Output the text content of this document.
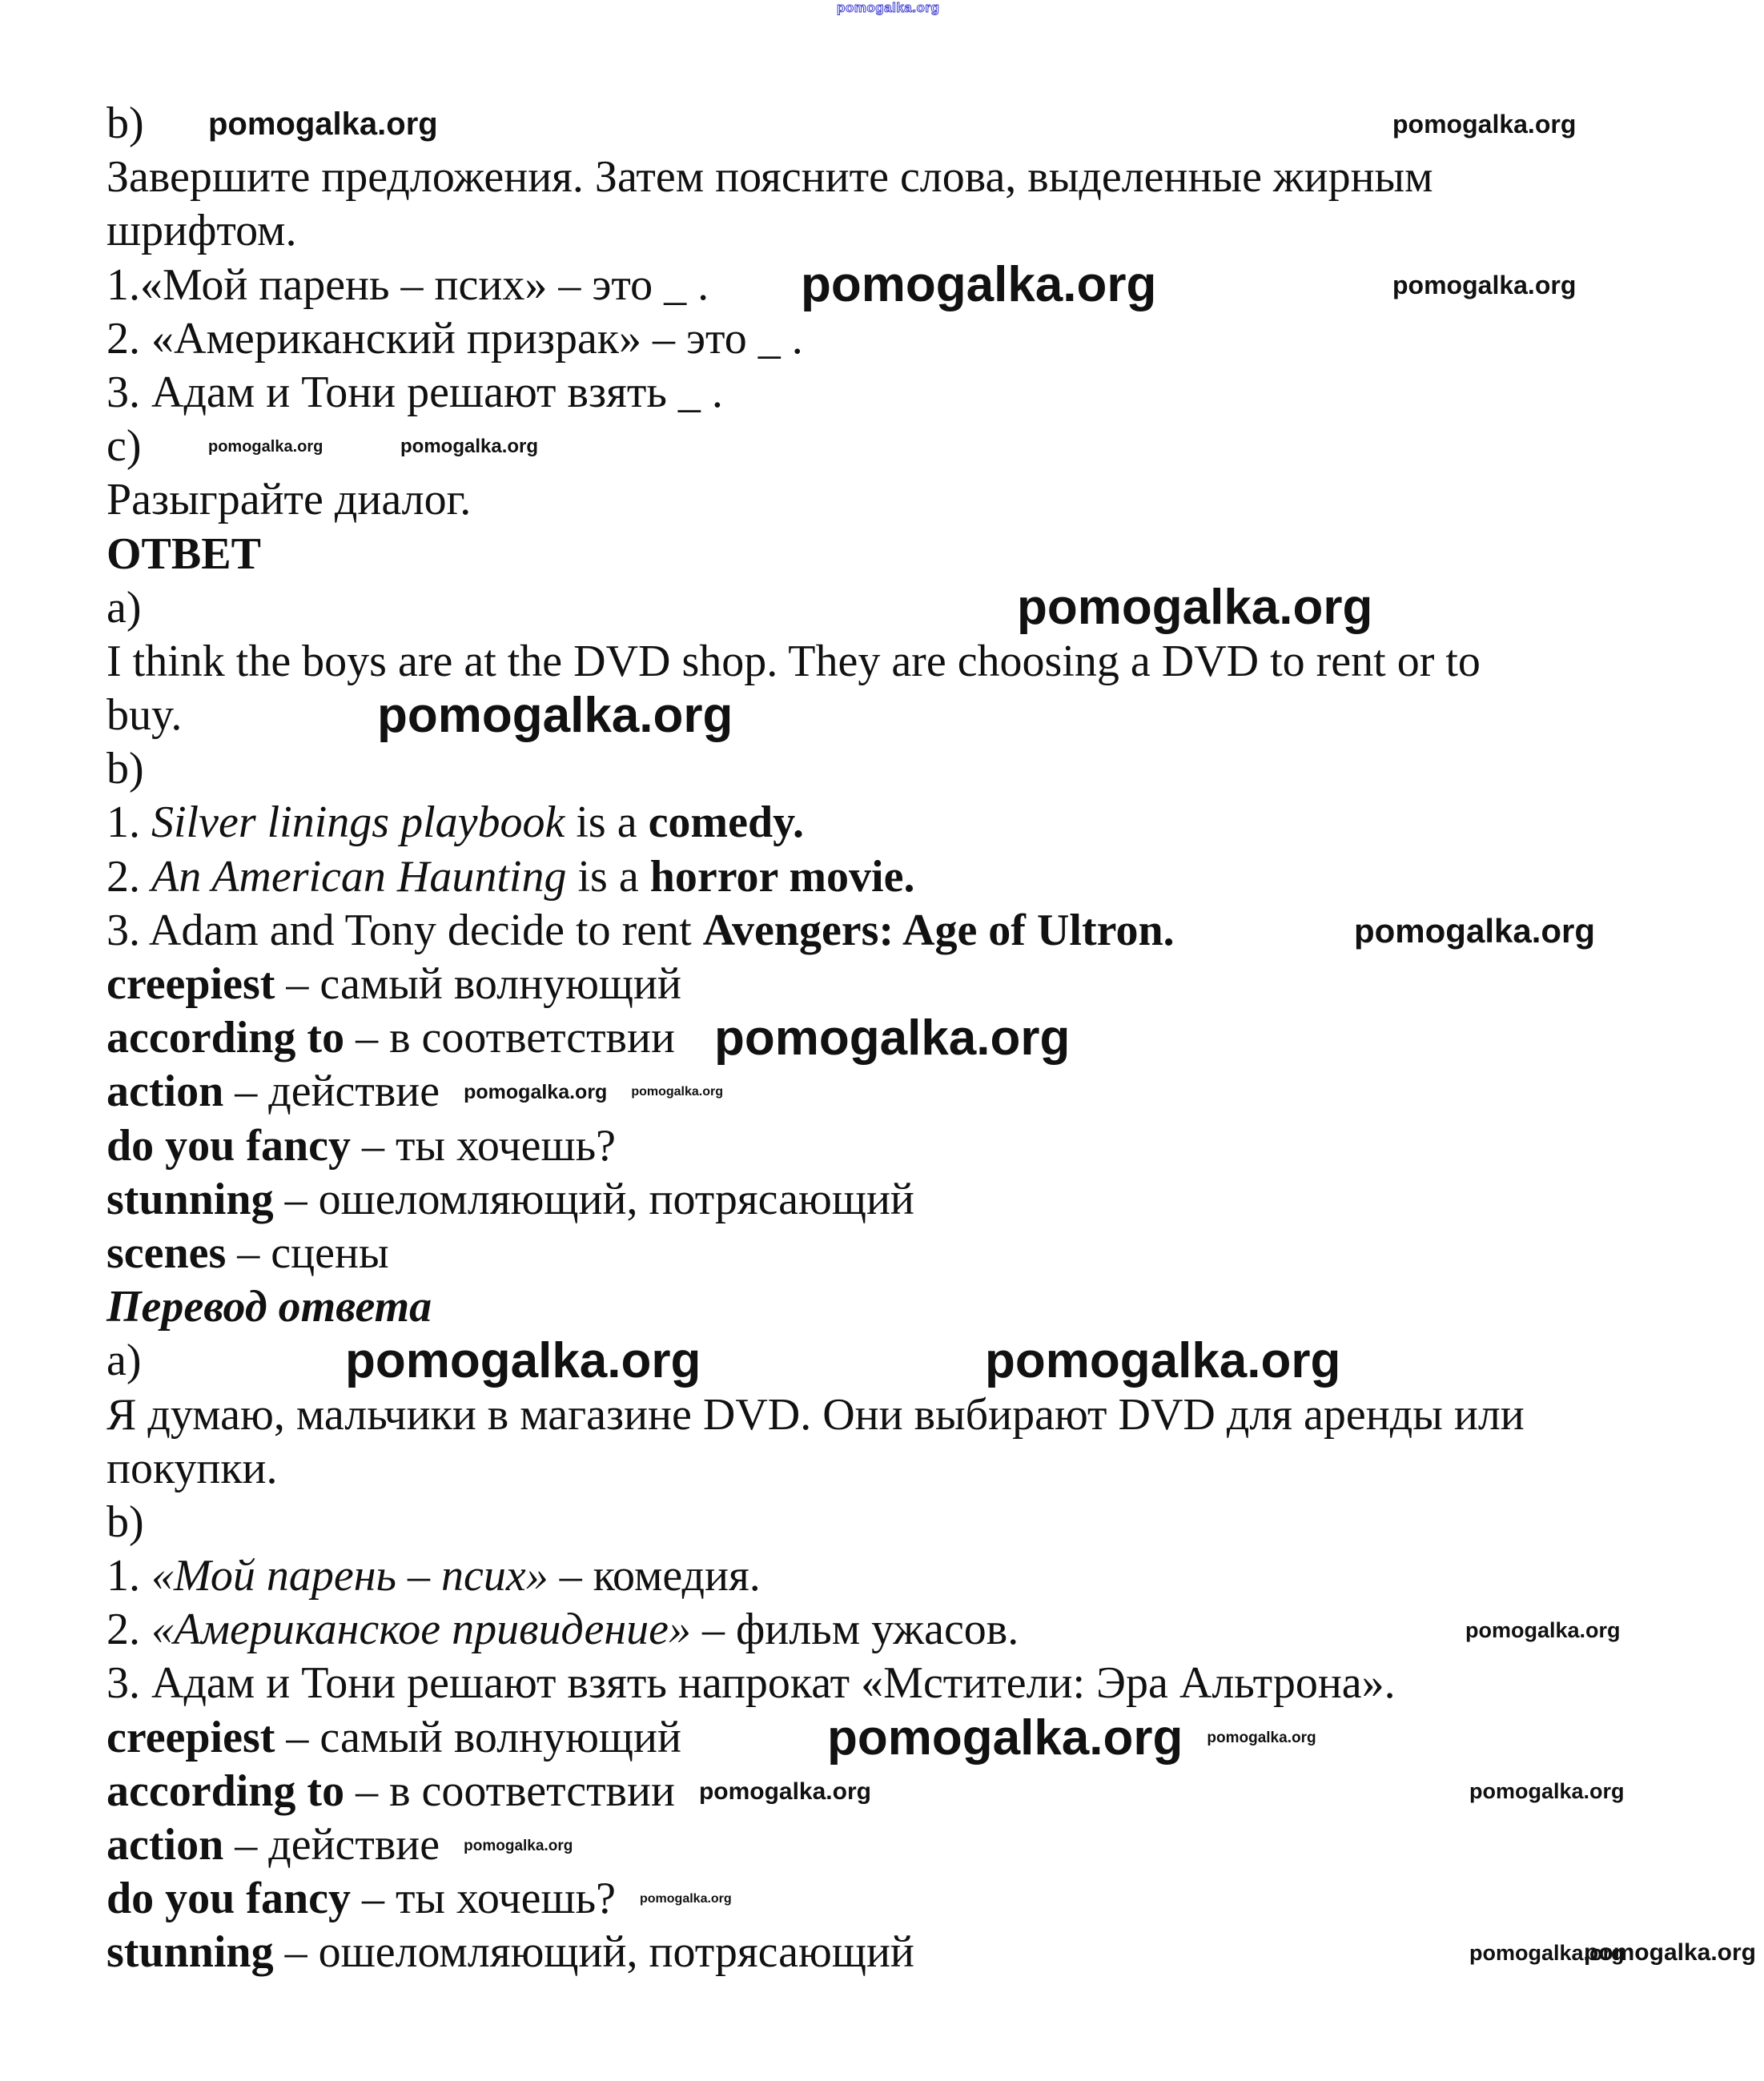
pomogalka.org
b)
Завершите предложения. Затем поясните слова, выделенные жирным
шрифтом.
1.«Мой парень – псих» – это _ .
2. «Американский призрак» – это _ .
3. Адам и Тони решают взять _ .
c)
Разыграйте диалог.
ОТВЕТ
a)
I think the boys are at the DVD shop. They are choosing a DVD to rent or to
buy.
b)
1. Silver linings playbook is a comedy.
2. An American Haunting is a horror movie.
3. Adam and Tony decide to rent Avengers: Age of Ultron.
creepiest – самый волнующий
according to – в соответствии
action – действие
do you fancy – ты хочешь?
stunning – ошеломляющий, потрясающий
scenes – сцены
Перевод ответа
a)
Я думаю, мальчики в магазине DVD. Они выбирают DVD для аренды или
покупки.
b)
1. «Мой парень – псих» – комедия.
2. «Американское привидение» – фильм ужасов.
3. Адам и Тони решают взять напрокат «Мстители: Эра Альтрона».
creepiest – самый волнующий
according to – в соответствии
action – действие
do you fancy – ты хочешь?
stunning – ошеломляющий, потрясающий
pomogalka.org	pomogalka.org
pomogalka.org	pomogalka.org
pomogalka.org	pomogalka.org
pomogalka.org
pomogalka.org
pomogalka.org
pomogalka.org
pomogalka.org
pomogalka.org
pomogalka.org	pomogalka.org
pomogalka.org
pomogalka.org pomogalka.org
pomogalka.org	pomogalka.org
pomogalka.org
pomogalka.org
pomogalka.org
pomogalka.org
